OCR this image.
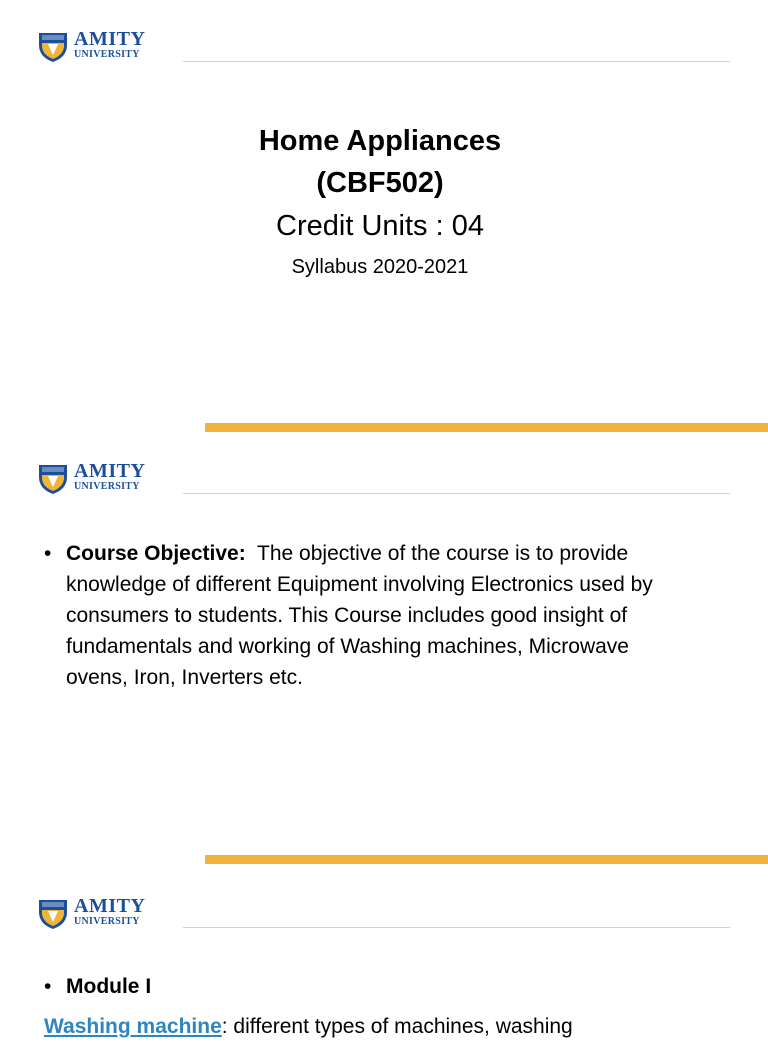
AMITY
UNIVERSITY
Home Appliances
(CBF502)
Credit Units : 04
Syllabus 2020-2021
AMITY
UNIVERSITY
• Course Objective: The objective of the course is to provide
knowledge of different Equipment involving Electronics used by
consumers to students. This Course includes good insight of
fundamentals and working of Washing machines, Microwave
ovens, Iron, Inverters etc.
AMITY
UNIVERSITY
• Module I
Washing machine: different types of machines, washing
